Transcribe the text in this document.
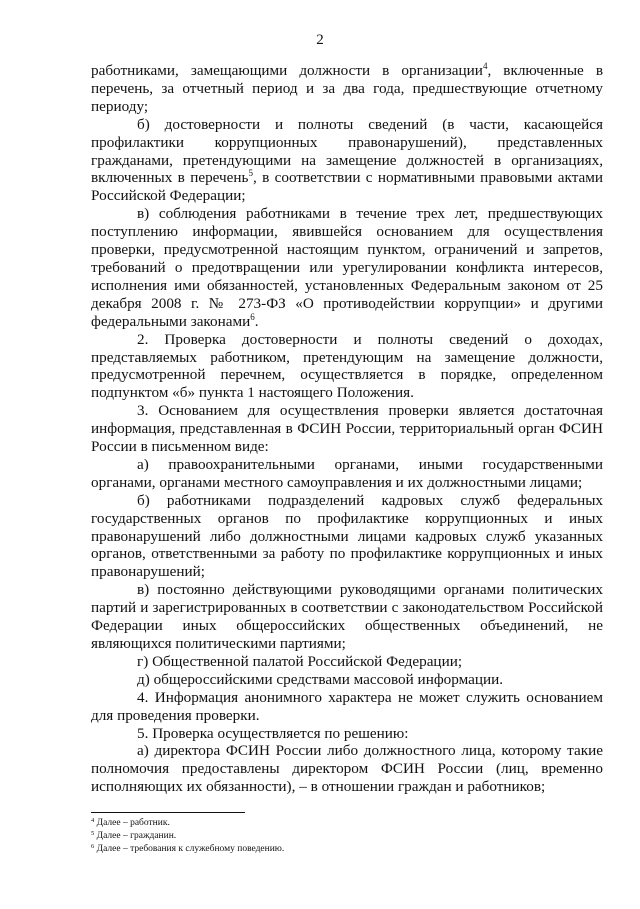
2

работниками, замещающими должности в организации$^4$, включенные в перечень, за отчетный период и за два года, предшествующие отчетному периоду;

б) достоверности и полноты сведений (в части, касающейся профилактики коррупционных правонарушений), представленных гражданами, претендующими на замещение должностей в организациях, включенных в перечень$^5$, в соответствии с нормативными правовыми актами Российской Федерации;

в) соблюдения работниками в течение трех лет, предшествующих поступлению информации, явившейся основанием для осуществления проверки, предусмотренной настоящим пунктом, ограничений и запретов, требований о предотвращении или урегулировании конфликта интересов, исполнения ими обязанностей, установленных Федеральным законом от 25 декабря 2008 г. № 273-ФЗ «О противодействии коррупции» и другими федеральными законами$^6$.

2. Проверка достоверности и полноты сведений о доходах, представляемых работником, претендующим на замещение должности, предусмотренной перечнем, осуществляется в порядке, определенном подпунктом «б» пункта 1 настоящего Положения.

3. Основанием для осуществления проверки является достаточная информация, представленная в ФСИН России, территориальный орган ФСИН России в письменном виде:

а) правоохранительными органами, иными государственными органами, органами местного самоуправления и их должностными лицами;

б) работниками подразделений кадровых служб федеральных государственных органов по профилактике коррупционных и иных правонарушений либо должностными лицами кадровых служб указанных органов, ответственными за работу по профилактике коррупционных и иных правонарушений;

в) постоянно действующими руководящими органами политических партий и зарегистрированных в соответствии с законодательством Российской Федерации иных общероссийских общественных объединений, не являющихся политическими партиями;

г) Общественной палатой Российской Федерации;

д) общероссийскими средствами массовой информации.

4. Информация анонимного характера не может служить основанием для проведения проверки.

5. Проверка осуществляется по решению:

а) директора ФСИН России либо должностного лица, которому такие полномочия предоставлены директором ФСИН России (лиц, временно исполняющих их обязанности), – в отношении граждан и работников;

$^4$ Далее – работник.
$^5$ Далее – гражданин.
$^6$ Далее – требования к служебному поведению.
